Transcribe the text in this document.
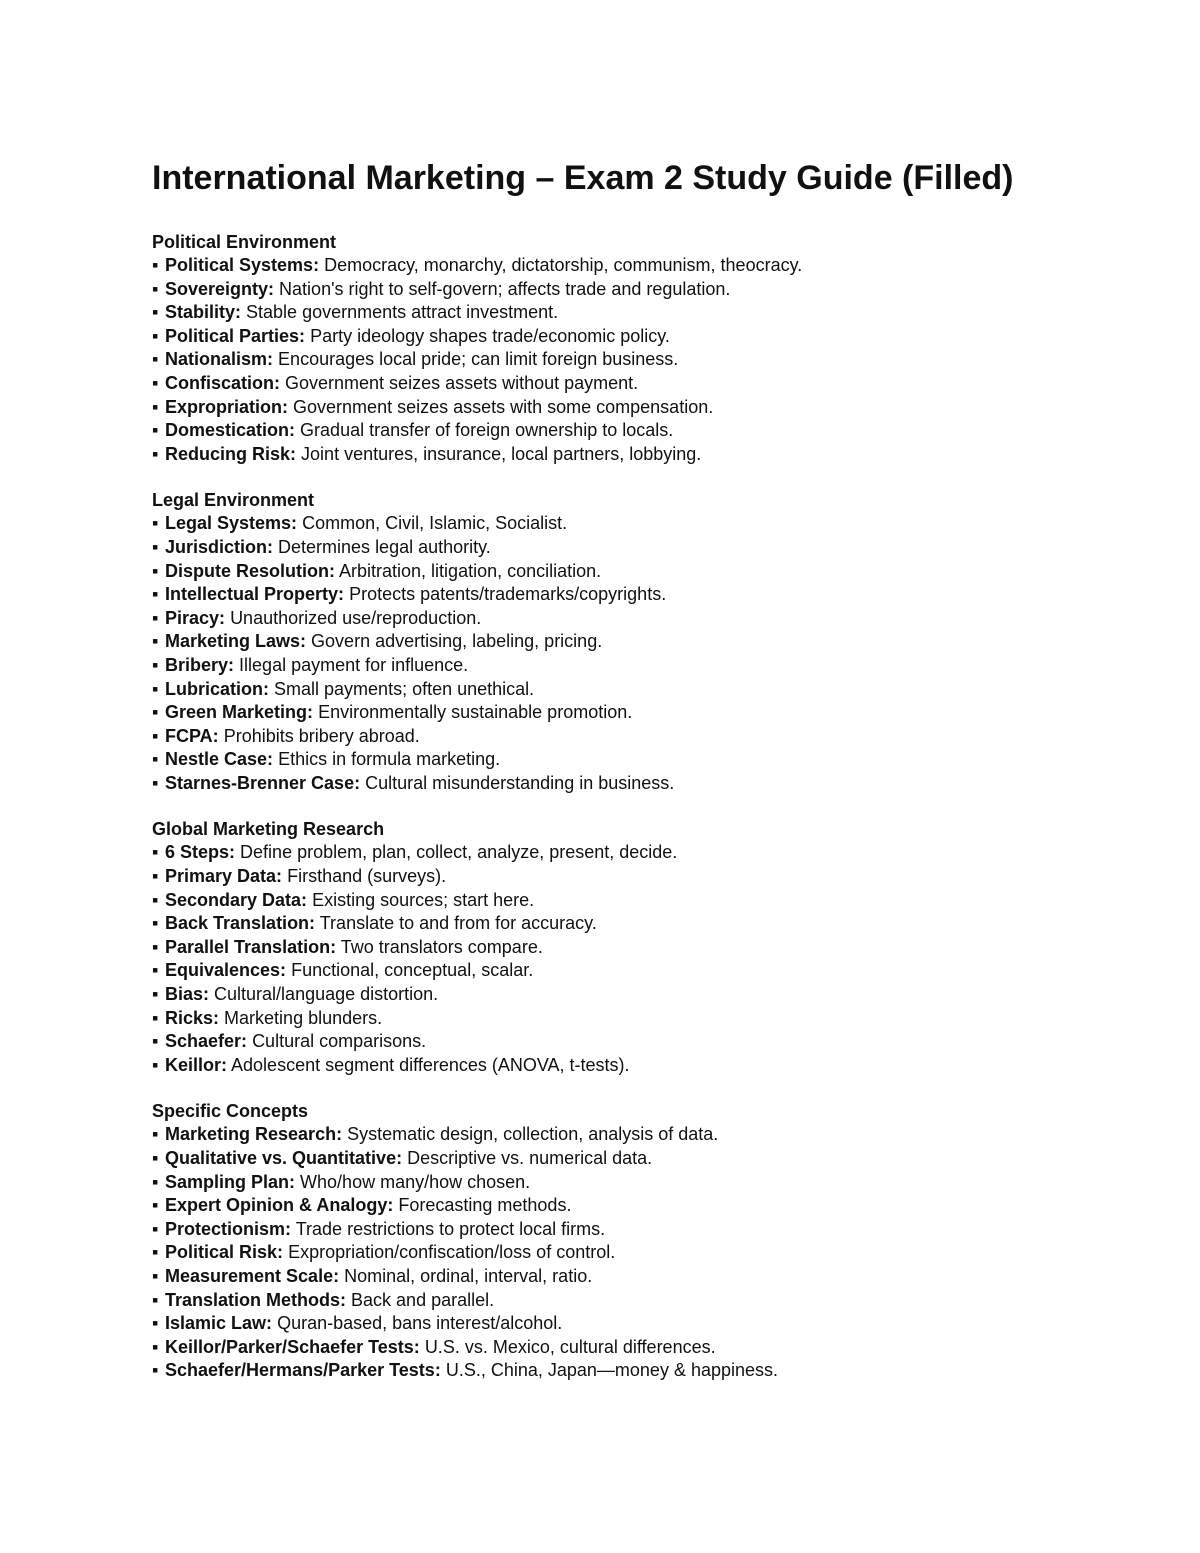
International Marketing – Exam 2 Study Guide (Filled)
Political Environment
▪ Political Systems: Democracy, monarchy, dictatorship, communism, theocracy.
▪ Sovereignty: Nation's right to self-govern; affects trade and regulation.
▪ Stability: Stable governments attract investment.
▪ Political Parties: Party ideology shapes trade/economic policy.
▪ Nationalism: Encourages local pride; can limit foreign business.
▪ Confiscation: Government seizes assets without payment.
▪ Expropriation: Government seizes assets with some compensation.
▪ Domestication: Gradual transfer of foreign ownership to locals.
▪ Reducing Risk: Joint ventures, insurance, local partners, lobbying.
Legal Environment
▪ Legal Systems: Common, Civil, Islamic, Socialist.
▪ Jurisdiction: Determines legal authority.
▪ Dispute Resolution: Arbitration, litigation, conciliation.
▪ Intellectual Property: Protects patents/trademarks/copyrights.
▪ Piracy: Unauthorized use/reproduction.
▪ Marketing Laws: Govern advertising, labeling, pricing.
▪ Bribery: Illegal payment for influence.
▪ Lubrication: Small payments; often unethical.
▪ Green Marketing: Environmentally sustainable promotion.
▪ FCPA: Prohibits bribery abroad.
▪ Nestle Case: Ethics in formula marketing.
▪ Starnes-Brenner Case: Cultural misunderstanding in business.
Global Marketing Research
▪ 6 Steps: Define problem, plan, collect, analyze, present, decide.
▪ Primary Data: Firsthand (surveys).
▪ Secondary Data: Existing sources; start here.
▪ Back Translation: Translate to and from for accuracy.
▪ Parallel Translation: Two translators compare.
▪ Equivalences: Functional, conceptual, scalar.
▪ Bias: Cultural/language distortion.
▪ Ricks: Marketing blunders.
▪ Schaefer: Cultural comparisons.
▪ Keillor: Adolescent segment differences (ANOVA, t-tests).
Specific Concepts
▪ Marketing Research: Systematic design, collection, analysis of data.
▪ Qualitative vs. Quantitative: Descriptive vs. numerical data.
▪ Sampling Plan: Who/how many/how chosen.
▪ Expert Opinion & Analogy: Forecasting methods.
▪ Protectionism: Trade restrictions to protect local firms.
▪ Political Risk: Expropriation/confiscation/loss of control.
▪ Measurement Scale: Nominal, ordinal, interval, ratio.
▪ Translation Methods: Back and parallel.
▪ Islamic Law: Quran-based, bans interest/alcohol.
▪ Keillor/Parker/Schaefer Tests: U.S. vs. Mexico, cultural differences.
▪ Schaefer/Hermans/Parker Tests: U.S., China, Japan—money & happiness.
